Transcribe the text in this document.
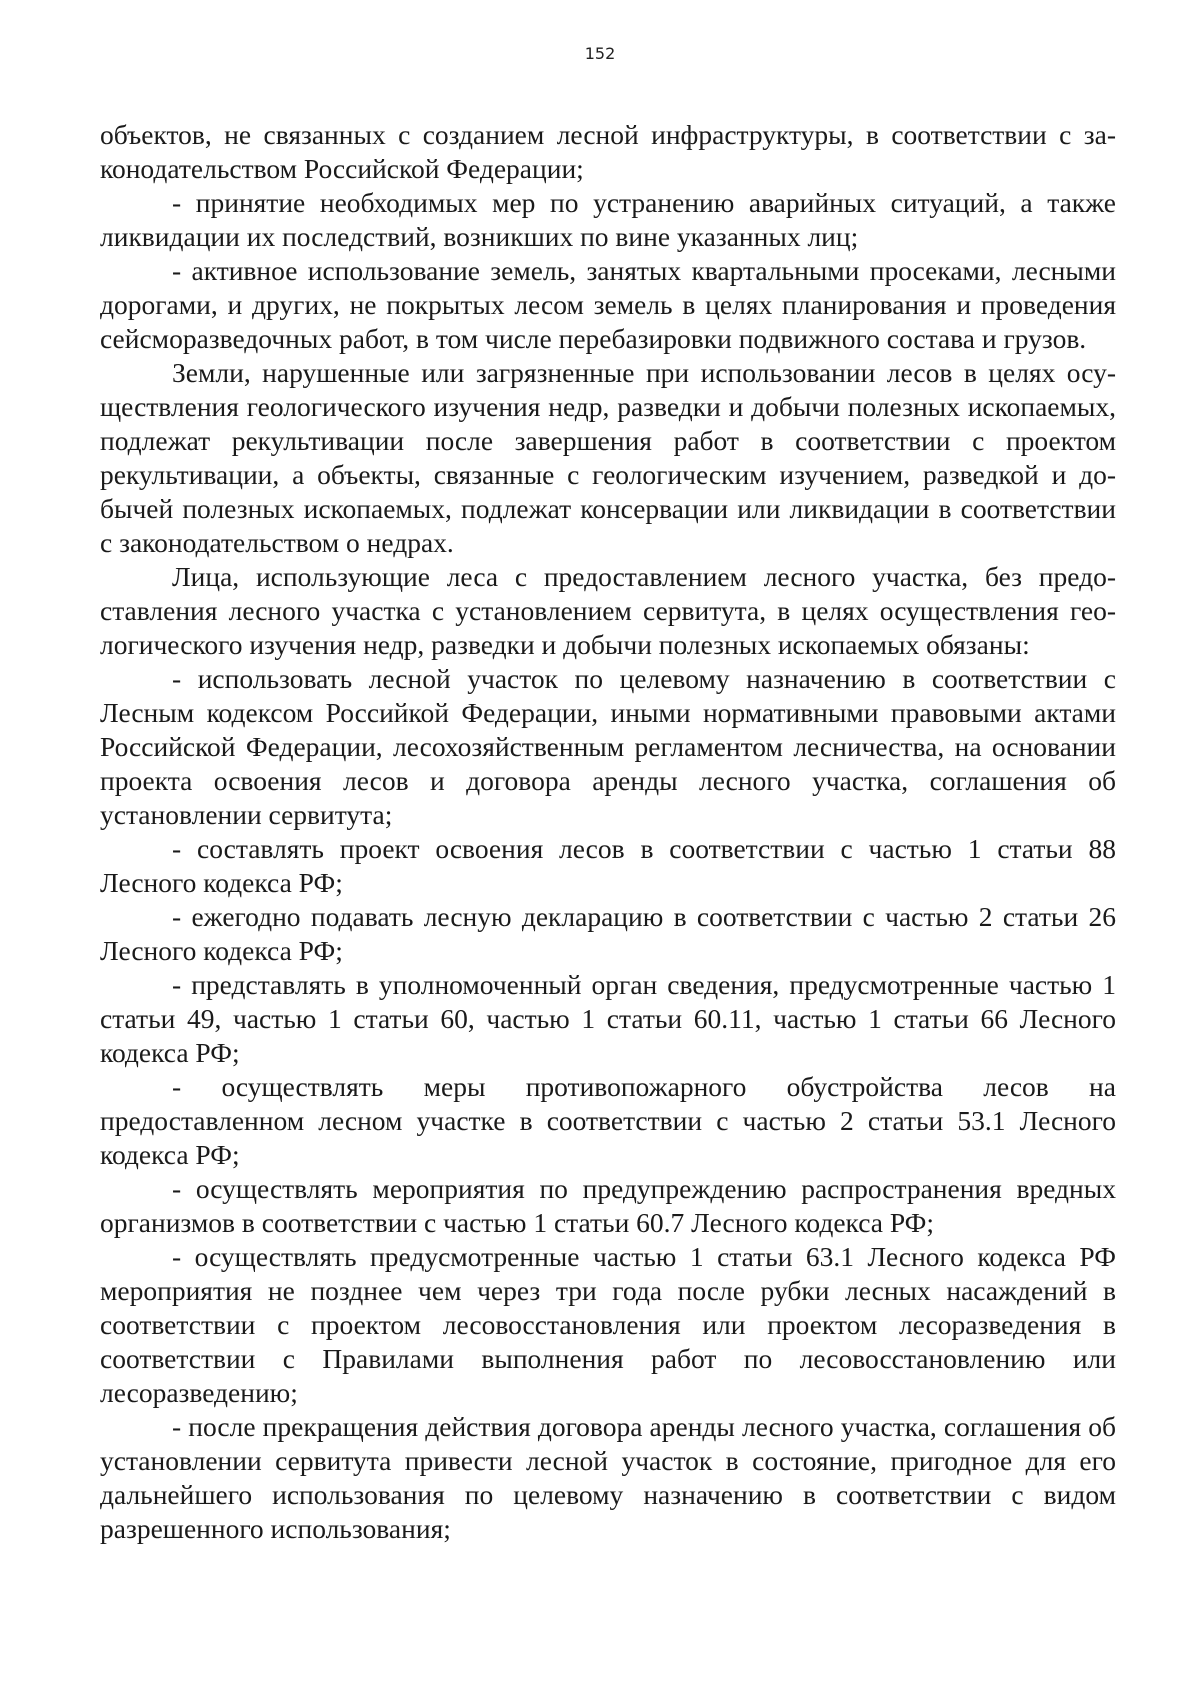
152

объектов, не связанных с созданием лесной инфраструктуры, в соответствии с законодательством Российской Федерации;

- принятие необходимых мер по устранению аварийных ситуаций, а также ликвидации их последствий, возникших по вине указанных лиц;

- активное использование земель, занятых квартальными просеками, лесными дорогами, и других, не покрытых лесом земель в целях планирования и проведения сейсморазведочных работ, в том числе перебазировки подвижного состава и грузов.

Земли, нарушенные или загрязненные при использовании лесов в целях осуществления геологического изучения недр, разведки и добычи полезных ископаемых, подлежат рекультивации после завершения работ в соответствии с проектом рекультивации, а объекты, связанные с геологическим изучением, разведкой и добычей полезных ископаемых, подлежат консервации или ликвидации в соответствии с законодательством о недрах.

Лица, использующие леса с предоставлением лесного участка, без предоставления лесного участка с установлением сервитута, в целях осуществления геологического изучения недр, разведки и добычи полезных ископаемых обязаны:

- использовать лесной участок по целевому назначению в соответствии с Лесным кодексом Российкой Федерации, иными нормативными правовыми актами Российской Федерации, лесохозяйственным регламентом лесничества, на основании проекта освоения лесов и договора аренды лесного участка, соглашения об установлении сервитута;

- составлять проект освоения лесов в соответствии с частью 1 статьи 88 Лесного кодекса РФ;

- ежегодно подавать лесную декларацию в соответствии с частью 2 статьи 26 Лесного кодекса РФ;

- представлять в уполномоченный орган сведения, предусмотренные частью 1 статьи 49, частью 1 статьи 60, частью 1 статьи 60.11, частью 1 статьи 66 Лесного кодекса РФ;

- осуществлять меры противопожарного обустройства лесов на предоставленном лесном участке в соответствии с частью 2 статьи 53.1 Лесного кодекса РФ;

- осуществлять мероприятия по предупреждению распространения вредных организмов в соответствии с частью 1 статьи 60.7 Лесного кодекса РФ;

- осуществлять предусмотренные частью 1 статьи 63.1 Лесного кодекса РФ мероприятия не позднее чем через три года после рубки лесных насаждений в соответствии с проектом лесовосстановления или проектом лесоразведения в соответствии с Правилами выполнения работ по лесовосстановлению или лесоразведению;

- после прекращения действия договора аренды лесного участка, соглашения об установлении сервитута привести лесной участок в состояние, пригодное для его дальнейшего использования по целевому назначению в соответствии с видом разрешенного использования;
